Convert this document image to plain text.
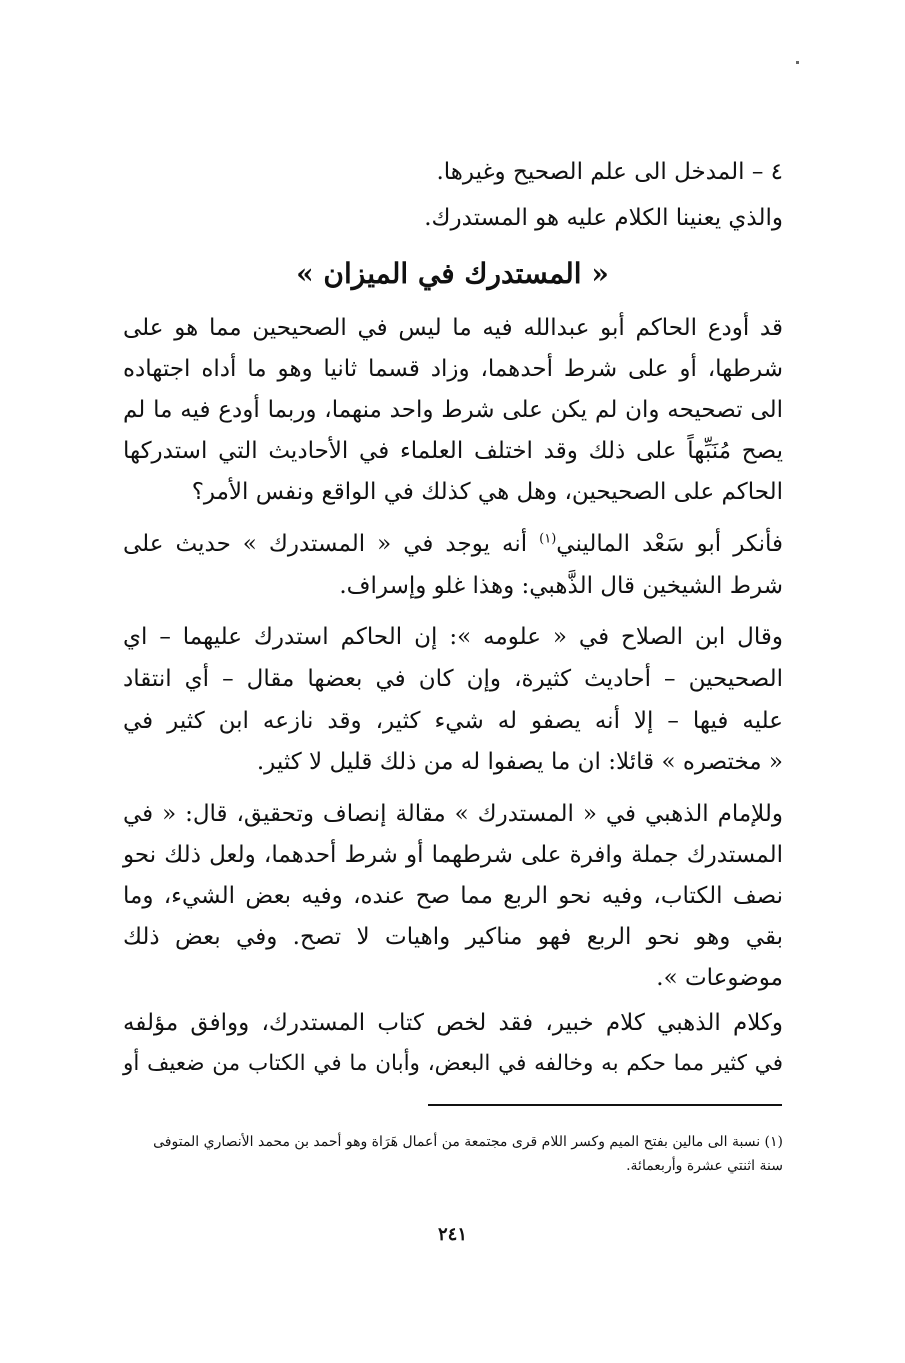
٤ – المدخل الى علم الصحيح وغيرها.
والذي يعنينا الكلام عليه هو المستدرك.
« المستدرك في الميزان »
قد أودع الحاكم أبو عبدالله فيه ما ليس في الصحيحين مما هو على
شرطها، أو على شرط أحدهما، وزاد قسما ثانيا وهو ما أداه اجتهاده
الى تصحيحه وان لم يكن على شرط واحد منهما، وربما أودع فيه ما لم
يصح مُنَبِّهاً على ذلك وقد اختلف العلماء في الأحاديث التي استدركها
الحاكم على الصحيحين، وهل هي كذلك في الواقع ونفس الأمر؟
فأنكر أبو سَعْد الماليني$^{(١)}$ أنه يوجد في « المستدرك » حديث على
شرط الشيخين قال الذَّهبي: وهذا غلو وإسراف.
وقال ابن الصلاح في « علومه »: إن الحاكم استدرك عليهما – اي
الصحيحين – أحاديث كثيرة، وإن كان في بعضها مقال – أي انتقاد
عليه فيها – إلا أنه يصفو له شيء كثير، وقد نازعه ابن كثير في
« مختصره » قائلا: ان ما يصفوا له من ذلك قليل لا كثير.
وللإمام الذهبي في « المستدرك » مقالة إنصاف وتحقيق، قال: « في
المستدرك جملة وافرة على شرطهما أو شرط أحدهما، ولعل ذلك نحو
نصف الكتاب، وفيه نحو الربع مما صح عنده، وفيه بعض الشيء، وما
بقي وهو نحو الربع فهو مناكير واهيات لا تصح. وفي بعض ذلك
موضوعات ».
وكلام الذهبي كلام خبير، فقد لخص كتاب المستدرك، ووافق مؤلفه
في كثير مما حكم به وخالفه في البعض، وأبان ما في الكتاب من ضعيف أو
(١) نسبة الى مالين بفتح الميم وكسر اللام قرى مجتمعة من أعمال هَرَاة وهو أحمد بن محمد الأنصاري المتوفى
سنة اثنتي عشرة وأربعمائة.
٢٤١
